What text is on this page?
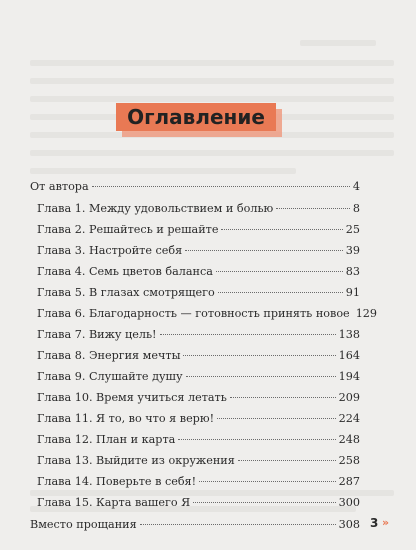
Оглавление
От автора	4
Глава 1. Между удовольствием и болью	8
Глава 2. Решайтесь и решайте	25
Глава 3. Настройте себя	39
Глава 4. Семь цветов баланса	83
Глава 5. В глазах смотрящего	91
Глава 6. Благодарность — готовность принять новое 129
Глава 7. Вижу цель!	138
Глава 8. Энергия мечты	164
Глава 9. Слушайте душу	194
Глава 10. Время учиться летать	209
Глава 11. Я то, во что я верю!	224
Глава 12. План и карта	248
Глава 13. Выйдите из окружения	258
Глава 14. Поверьте в себя!	287
Глава 15. Карта вашего Я	300
Вместо прощания	308 3 ››
